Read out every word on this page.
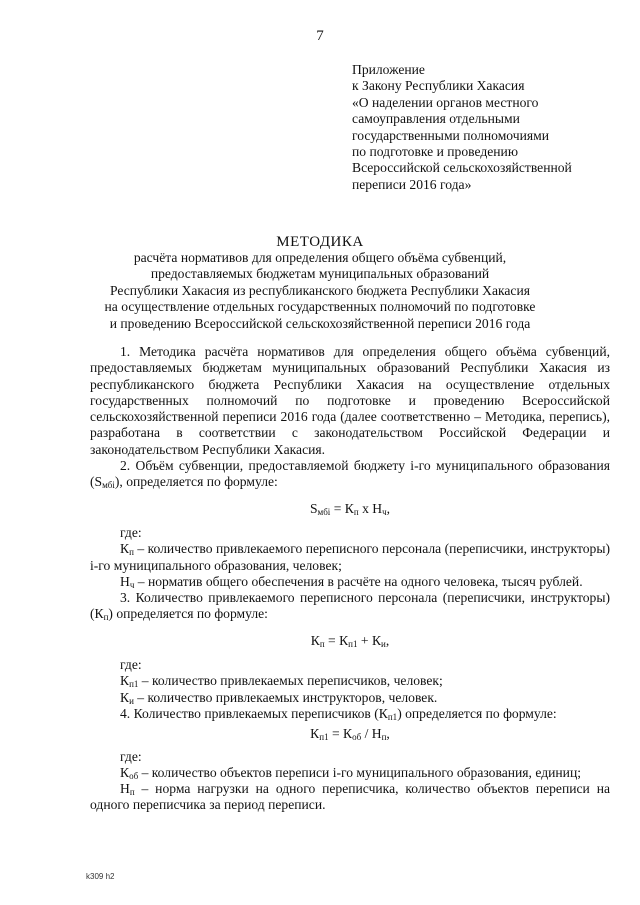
7
Приложение
к Закону Республики Хакасия
«О наделении органов местного
самоуправления отдельными
государственными полномочиями
по подготовке и проведению
Всероссийской сельскохозяйственной
переписи 2016 года»
МЕТОДИКА
расчёта нормативов для определения общего объёма субвенций,
предоставляемых бюджетам муниципальных образований
Республики Хакасия из республиканского бюджета Республики Хакасия
на осуществление отдельных государственных полномочий по подготовке
и проведению Всероссийской сельскохозяйственной переписи 2016 года

1. Методика расчёта нормативов для определения общего объёма субвенций, предоставляемых бюджетам муниципальных образований Республики Хакасия из республиканского бюджета Республики Хакасия на осуществление отдельных государственных полномочий по подготовке и проведению Всероссийской сельскохозяйственной переписи 2016 года (далее соответственно – Методика, перепись), разработана в соответствии с законодательством Российской Федерации и законодательством Республики Хакасия.

2. Объём субвенции, предоставляемой бюджету i-го муниципального образования $(S_{мбi})$, определяется по формуле:

$S_{мбi} = К_п$ х $Н_ч$,

где:

$К_п$ – количество привлекаемого переписного персонала (переписчики, инструкторы) i-го муниципального образования, человек;

$Н_ч$ – норматив общего обеспечения в расчёте на одного человека, тысяч рублей.

3. Количество привлекаемого переписного персонала (переписчики, инструкторы) $(К_п)$ определяется по формуле:

$К_п = К_{п1} + К_и$,

где:

$К_{п1}$ – количество привлекаемых переписчиков, человек;

$К_и$ – количество привлекаемых инструкторов, человек.

4. Количество привлекаемых переписчиков $(К_{п1})$ определяется по формуле:

$К_{п1} = К_{об} / Н_п$,

где:

$К_{об}$ – количество объектов переписи i-го муниципального образования, единиц;

$Н_п$ – норма нагрузки на одного переписчика, количество объектов переписи на одного переписчика за период переписи.

k309 h2
